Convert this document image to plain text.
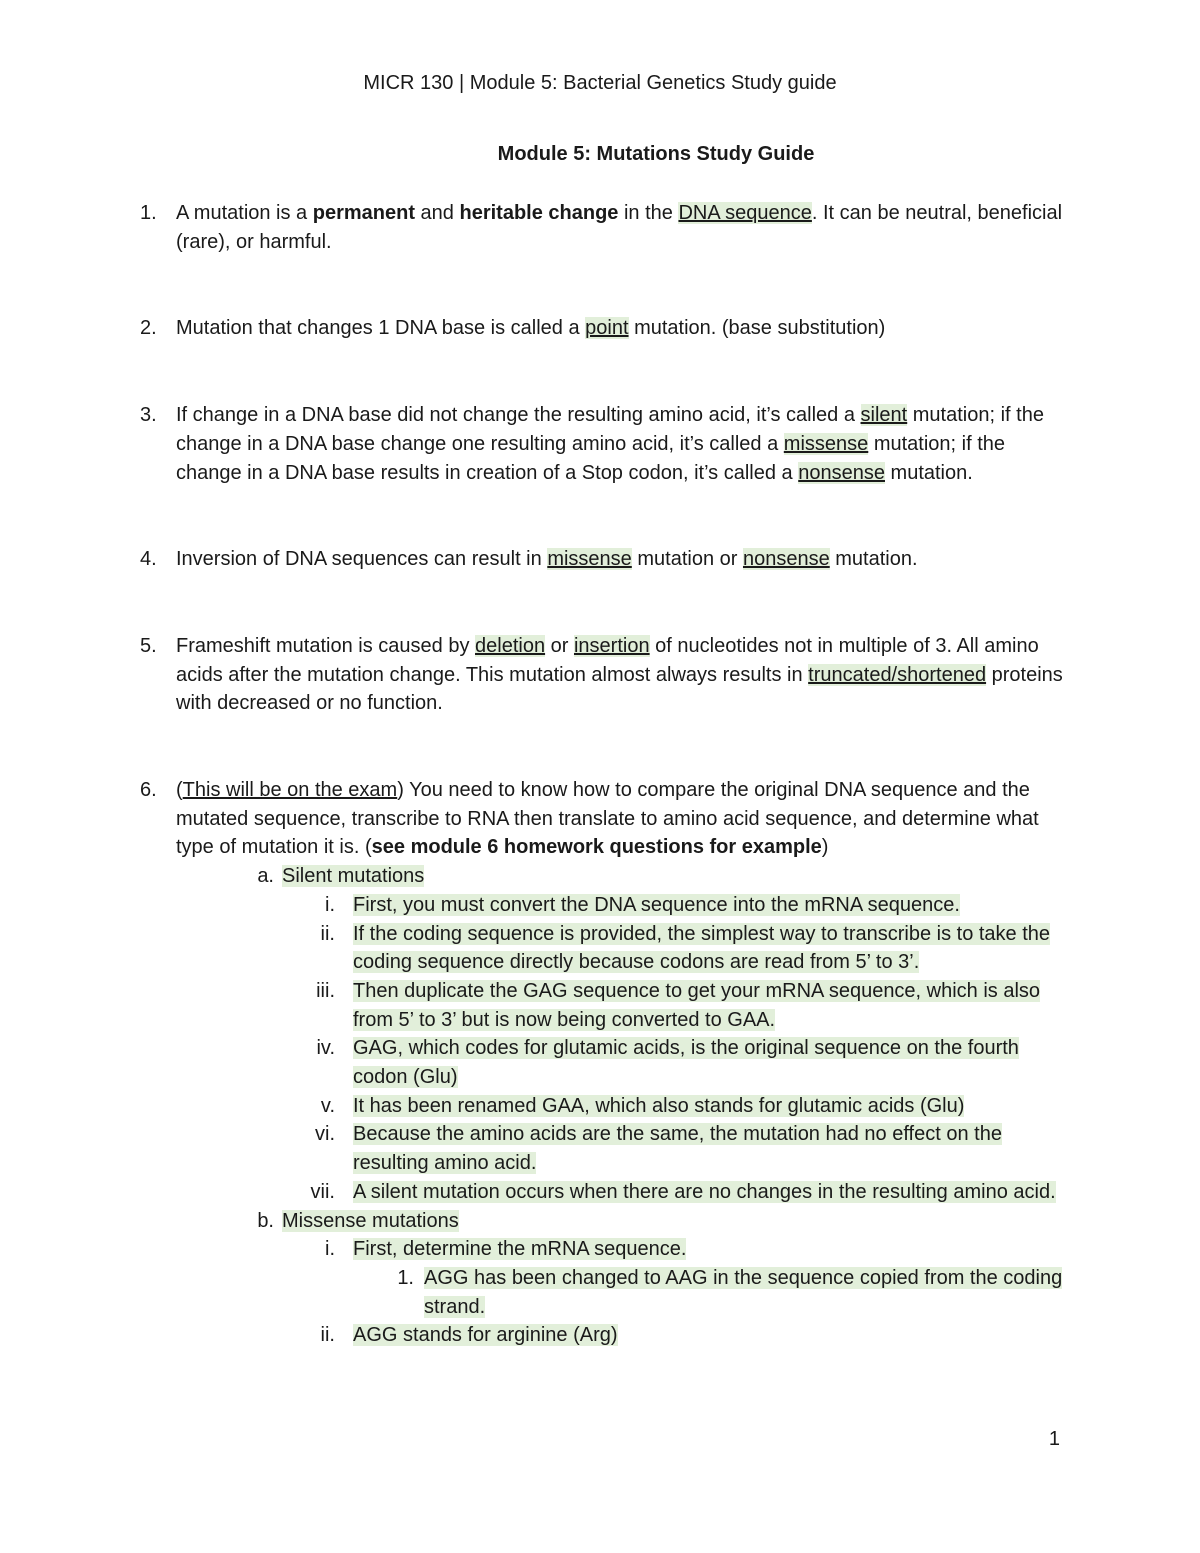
MICR 130 | Module 5: Bacterial Genetics Study guide
Module 5: Mutations Study Guide
1. A mutation is a permanent and heritable change in the DNA sequence. It can be neutral, beneficial (rare), or harmful.
2. Mutation that changes 1 DNA base is called a point mutation. (base substitution)
3. If change in a DNA base did not change the resulting amino acid, it’s called a silent mutation; if the change in a DNA base change one resulting amino acid, it’s called a missense mutation; if the change in a DNA base results in creation of a Stop codon, it’s called a nonsense mutation.
4. Inversion of DNA sequences can result in missense mutation or nonsense mutation.
5. Frameshift mutation is caused by deletion or insertion of nucleotides not in multiple of 3. All amino acids after the mutation change. This mutation almost always results in truncated/shortened proteins with decreased or no function.
6. (This will be on the exam) You need to know how to compare the original DNA sequence and the mutated sequence, transcribe to RNA then translate to amino acid sequence, and determine what type of mutation it is. (see module 6 homework questions for example)
a. Silent mutations
i. First, you must convert the DNA sequence into the mRNA sequence.
ii. If the coding sequence is provided, the simplest way to transcribe is to take the coding sequence directly because codons are read from 5’ to 3’.
iii. Then duplicate the GAG sequence to get your mRNA sequence, which is also from 5’ to 3’ but is now being converted to GAA.
iv. GAG, which codes for glutamic acids, is the original sequence on the fourth codon (Glu)
v. It has been renamed GAA, which also stands for glutamic acids (Glu)
vi. Because the amino acids are the same, the mutation had no effect on the resulting amino acid.
vii. A silent mutation occurs when there are no changes in the resulting amino acid.
b. Missense mutations
i. First, determine the mRNA sequence.
1. AGG has been changed to AAG in the sequence copied from the coding strand.
ii. AGG stands for arginine (Arg)
1
